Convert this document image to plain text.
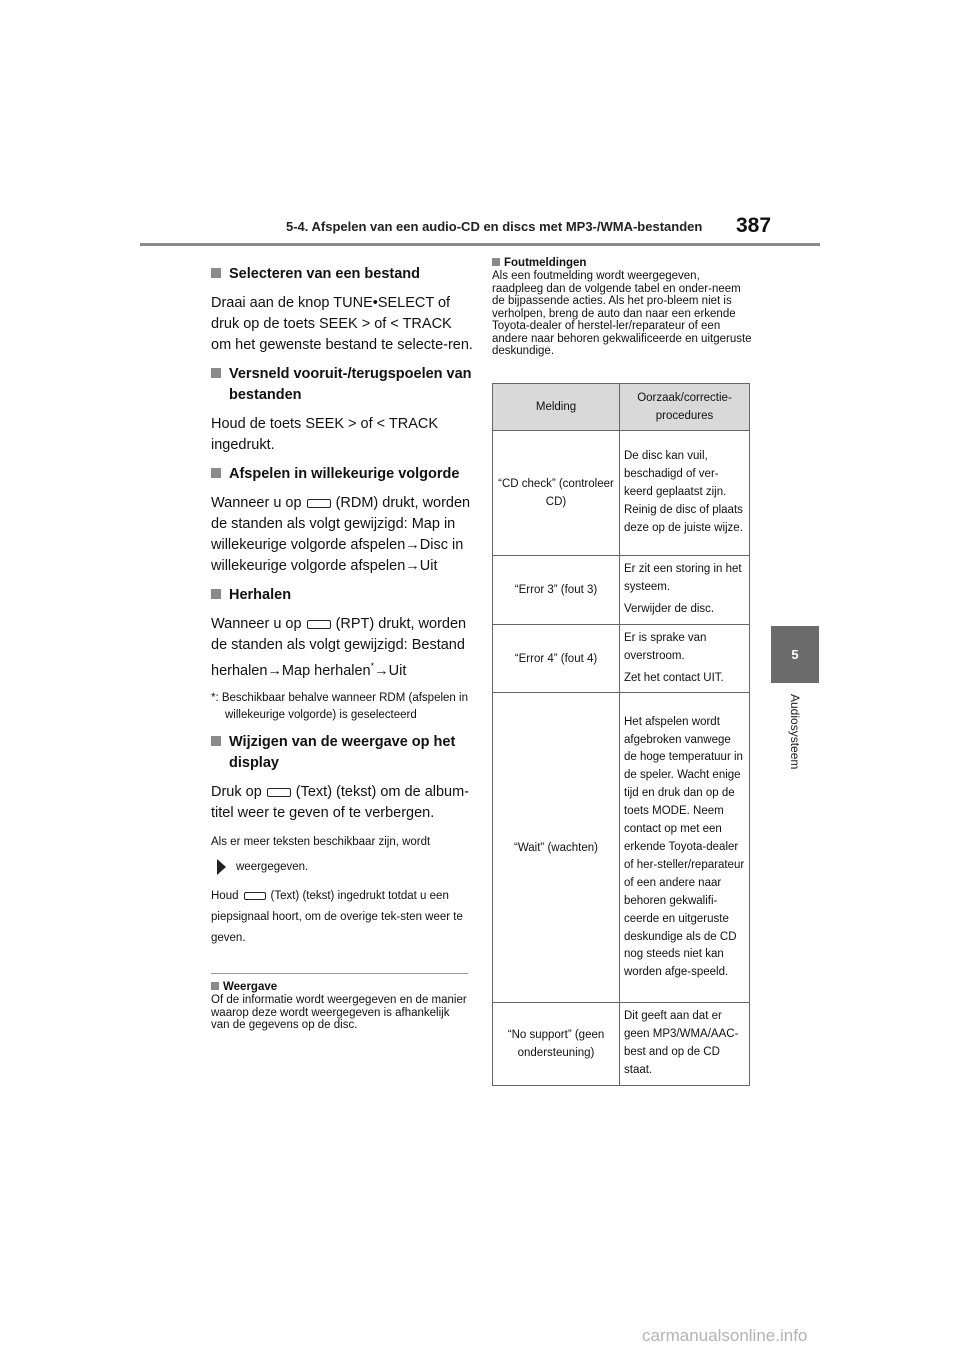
5-4. Afspelen van een audio-CD en discs met MP3-/WMA-bestanden 387
5
Audiosysteem
Selecteren van een bestand
Draai aan de knop TUNE•SELECT of druk op de toets SEEK > of < TRACK om het gewenste bestand te selecte-ren.
Versneld vooruit-/terugspoelen van bestanden
Houd de toets SEEK > of < TRACK ingedrukt.
Afspelen in willekeurige volgorde
Wanneer u op (RDM) drukt, worden de standen als volgt gewijzigd: Map in willekeurige volgorde afspelen→Disc in willekeurige volgorde afspelen→Uit
Herhalen
Wanneer u op (RPT) drukt, worden de standen als volgt gewijzigd: Bestand herhalen→Map herhalen*→Uit
*: Beschikbaar behalve wanneer RDM (afspelen in willekeurige volgorde) is geselecteerd
Wijzigen van de weergave op het display
Druk op (Text) (tekst) om de album-titel weer te geven of te verbergen.
Als er meer teksten beschikbaar zijn, wordt
weergegeven.
Houd	(Text) (tekst) ingedrukt totdat u een piepsignaal hoort, om de overige tek-sten weer te geven.
Weergave
Of de informatie wordt weergegeven en de manier waarop deze wordt weergegeven is afhankelijk van de gegevens op de disc.
Foutmeldingen
Als een foutmelding wordt weergegeven, raadpleeg dan de volgende tabel en onder-neem de bijpassende acties. Als het pro-bleem niet is verholpen, breng de auto dan naar een erkende Toyota-dealer of herstel-ler/reparateur of een andere naar behoren gekwalificeerde en uitgeruste deskundige.
Melding	Oorzaak/correctie-procedures
“CD check” (controleer CD)	De disc kan vuil, beschadigd of ver-keerd geplaatst zijn. Reinig de disc of plaats deze op de juiste wijze.
“Error 3” (fout 3)	Er zit een storing in het systeem.
Verwijder de disc.

“Error 4” (fout 4)	Er is sprake van overstroom.
Zet het contact UIT.

“Wait” (wachten)	Het afspelen wordt afgebroken vanwege de hoge temperatuur in de speler. Wacht enige tijd en druk dan op de toets MODE. Neem contact op met een erkende Toyota-dealer of her-steller/reparateur of een andere naar behoren gekwalifi-ceerde en uitgeruste deskundige als de CD nog steeds niet kan worden afge-speeld.
“No support” (geen ondersteuning)	Dit geeft aan dat er geen MP3/WMA/AAC-best and op de CD staat.
carmanualsonline.info
